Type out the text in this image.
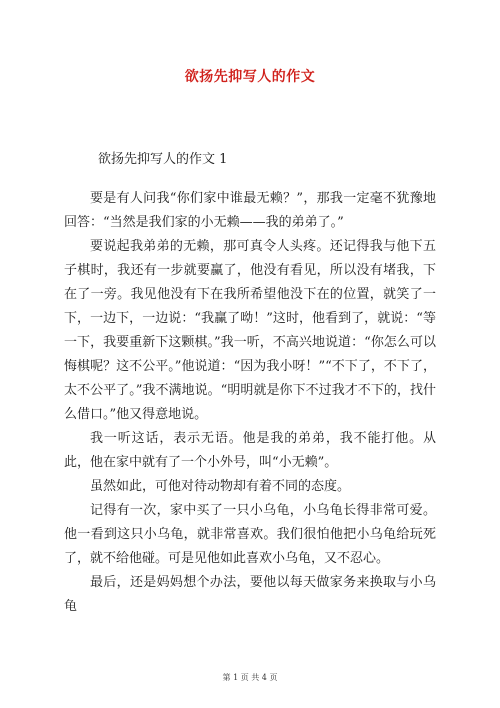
欲扬先抑写人的作文
欲扬先抑写人的作文 1

要是有人问我“你们家中谁最无赖？”，那我一定毫不犹豫地回答：“当然是我们家的小无赖——我的弟弟了。”

要说起我弟弟的无赖，那可真令人头疼。还记得我与他下五子棋时，我还有一步就要赢了，他没有看见，所以没有堵我，下在了一旁。我见他没有下在我所希望他没下在的位置，就笑了一下，一边下，一边说：“我赢了呦！”这时，他看到了，就说：“等一下，我要重新下这颗棋。”我一听，不高兴地说道：“你怎么可以悔棋呢？这不公平。”他说道：“因为我小呀！”“不下了，不下了，太不公平了。”我不满地说。“明明就是你下不过我才不下的，找什么借口。”他又得意地说。

我一听这话，表示无语。他是我的弟弟，我不能打他。从此，他在家中就有了一个小外号，叫“小无赖”。

虽然如此，可他对待动物却有着不同的态度。

记得有一次，家中买了一只小乌龟，小乌龟长得非常可爱。他一看到这只小乌龟，就非常喜欢。我们很怕他把小乌龟给玩死了，就不给他碰。可是见他如此喜欢小乌龟，又不忍心。

最后，还是妈妈想个办法，要他以每天做家务来换取与小乌龟

第 1 页 共 4 页
